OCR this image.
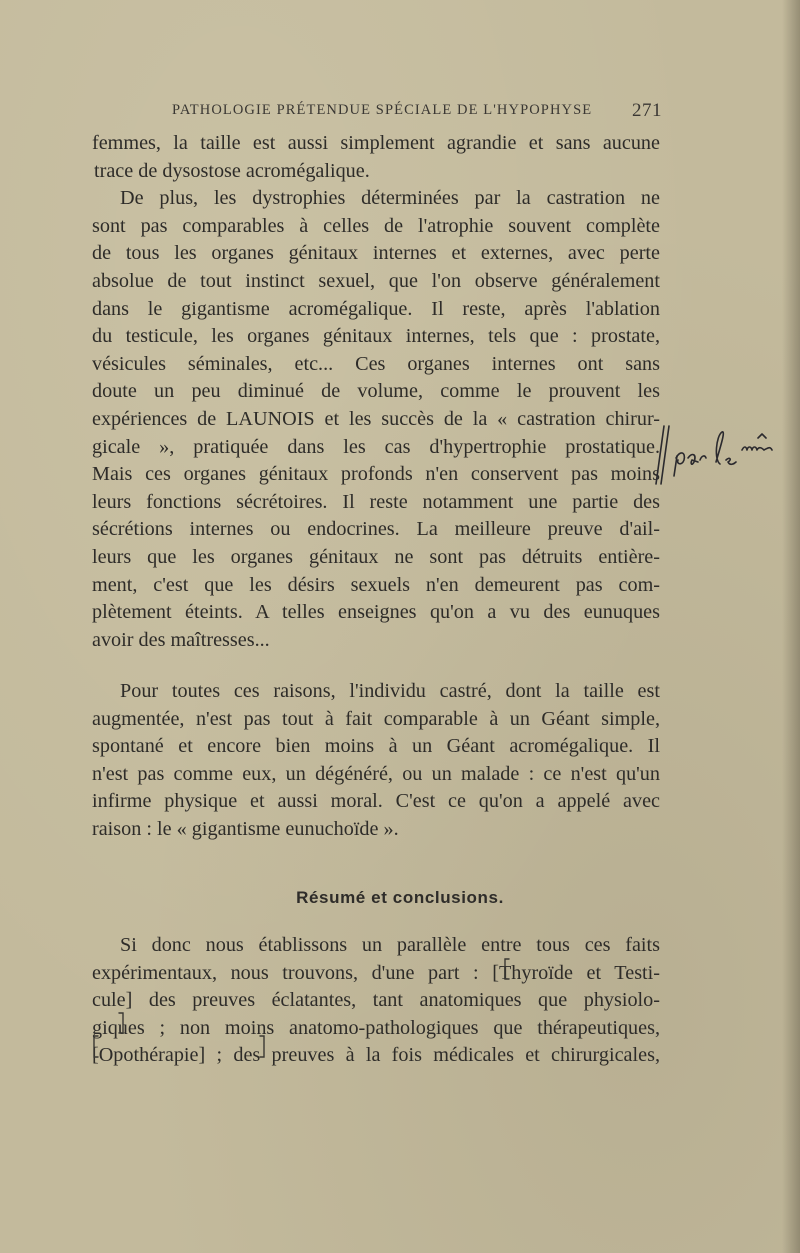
PATHOLOGIE PRÉTENDUE SPÉCIALE DE L'HYPOPHYSE 271
femmes, la taille est aussi simplement agrandie et sans aucune
trace de dysostose acromégalique.
De plus, les dystrophies déterminées par la castration ne
sont pas comparables à celles de l'atrophie souvent complète
de tous les organes génitaux internes et externes, avec perte
absolue de tout instinct sexuel, que l'on observe généralement
dans le gigantisme acromégalique. Il reste, après l'ablation
du testicule, les organes génitaux internes, tels que : prostate,
vésicules séminales, etc... Ces organes internes ont sans
doute un peu diminué de volume, comme le prouvent les
expériences de LAUNOIS et les succès de la « castration chirur-
gicale », pratiquée dans les cas d'hypertrophie prostatique.
Mais ces organes génitaux profonds n'en conservent pas moins
leurs fonctions sécrétoires. Il reste notamment une partie des
sécrétions internes ou endocrines. La meilleure preuve d'ail-
leurs que les organes génitaux ne sont pas détruits entière-
ment, c'est que les désirs sexuels n'en demeurent pas com-
plètement éteints. A telles enseignes qu'on a vu des eunuques
avoir des maîtresses...
Pour toutes ces raisons, l'individu castré, dont la taille est
augmentée, n'est pas tout à fait comparable à un Géant simple,
spontané et encore bien moins à un Géant acromégalique. Il
n'est pas comme eux, un dégénéré, ou un malade : ce n'est qu'un
infirme physique et aussi moral. C'est ce qu'on a appelé avec
raison : le « gigantisme eunuchoïde ».
Résumé et conclusions.
Si donc nous établissons un parallèle entre tous ces faits
expérimentaux, nous trouvons, d'une part : [Thyroïde et Testi-
cule] des preuves éclatantes, tant anatomiques que physiolo-
giques ; non moins anatomo-pathologiques que thérapeutiques,
[Opothérapie] ; des preuves à la fois médicales et chirurgicales,
